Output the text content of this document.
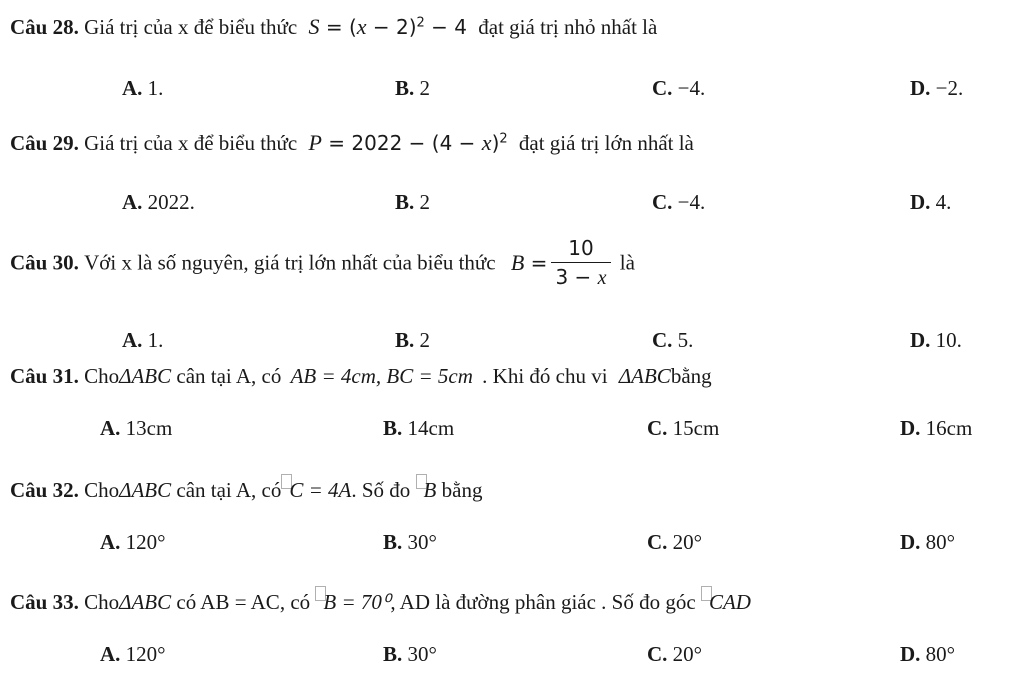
Câu 28. Giá trị của x để biểu thức $S = (x - 2)^2 - 4$ đạt giá trị nhỏ nhất là
A. 1.	B. 2	C. −4.	D. −2.
Câu 29. Giá trị của x để biểu thức $P = 2022 - (4 - x)^2$ đạt giá trị lớn nhất là
A. 2022.	B. 2	C. −4.	D. 4.
Câu 30. Với x là số nguyên, giá trị lớn nhất của biểu thức $B = \frac{10}{3 - x}$ là
A. 1.	B. 2	C. 5.	D. 10.
Câu 31. ChoΔABC cân tại A, có AB = 4cm, BC = 5cm . Khi đó chu vi ΔABCbằng
A. 13cm	B. 14cm	C. 15cm	D. 16cm
Câu 32. ChoΔABC cân tại A, có C = 4A. Số đo B bằng
A. 120°	B. 30°	C. 20°	D. 80°
Câu 33. ChoΔABC có AB = AC, có B = 70⁰, AD là đường phân giác . Số đo góc CAD
A. 120°	B. 30°	C. 20°	D. 80°
